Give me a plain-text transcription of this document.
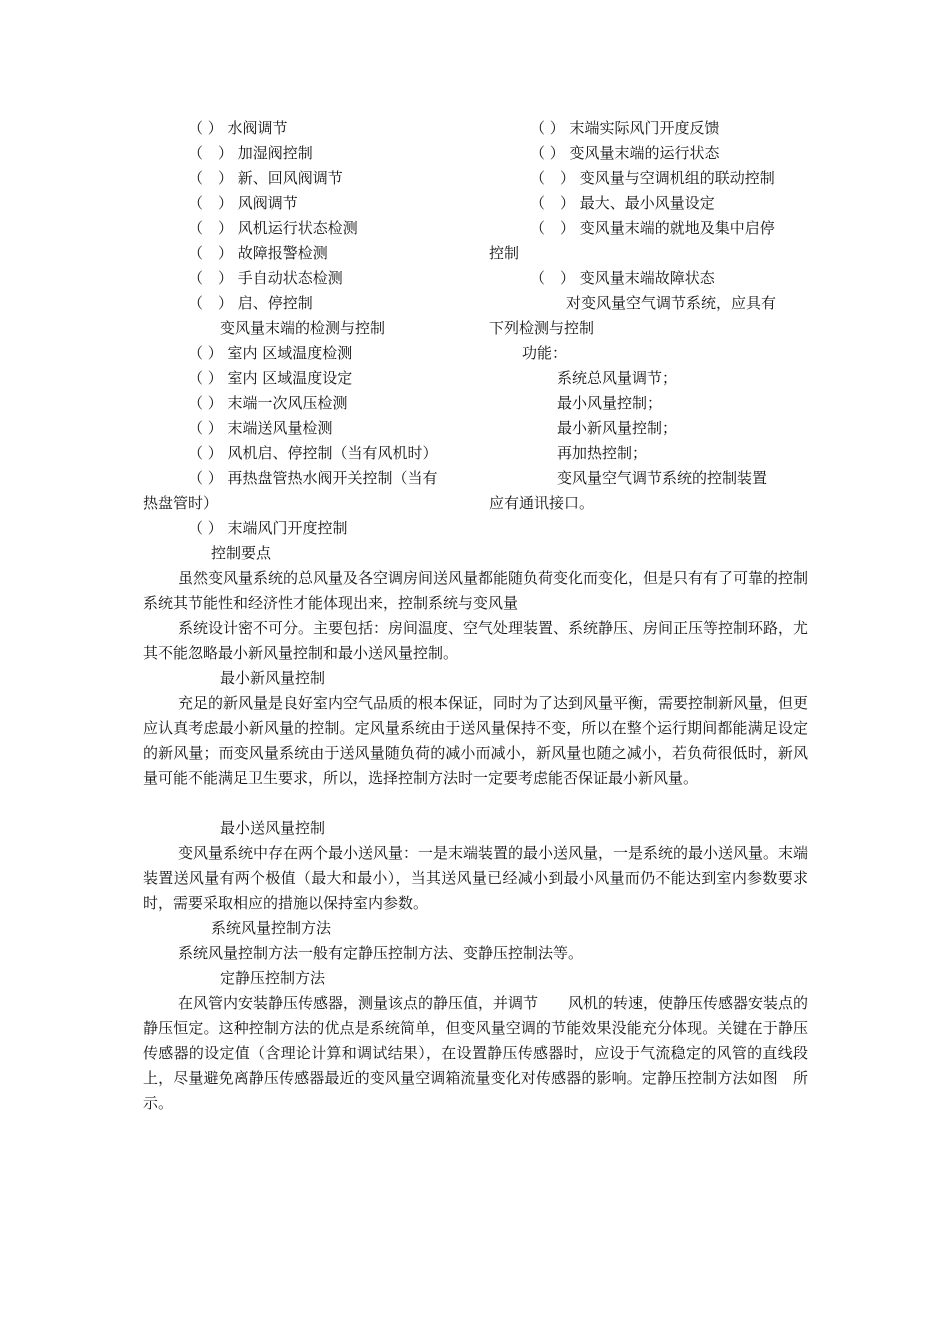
（ ） 水阀调节
（　） 加湿阀控制
（　） 新、回风阀调节
（　） 风阀调节
（　） 风机运行状态检测
（　） 故障报警检测
（　） 手自动状态检测
（　） 启、停控制
变风量末端的检测与控制
（ ） 室内 区域温度检测
（ ） 室内 区域温度设定
（ ） 末端一次风压检测
（ ） 末端送风量检测
（ ） 风机启、停控制（当有风机时）
（ ） 再热盘管热水阀开关控制（当有
热盘管时）
（ ） 末端风门开度控制
（ ） 末端实际风门开度反馈
（ ） 变风量末端的运行状态
（　） 变风量与空调机组的联动控制
（　） 最大、最小风量设定
（　） 变风量末端的就地及集中启停
控制
（　） 变风量末端故障状态
对变风量空气调节系统，应具有
下列检测与控制
功能：
系统总风量调节；
最小风量控制；
最小新风量控制；
再加热控制；
变风量空气调节系统的控制装置
应有通讯接口。
控制要点
虽然变风量系统的总风量及各空调房间送风量都能随负荷变化而变化，但是只有有了可靠的控制系统其节能性和经济性才能体现出来，控制系统与变风量
系统设计密不可分。主要包括：房间温度、空气处理装置、系统静压、房间正压等控制环路，尤其不能忽略最小新风量控制和最小送风量控制。
最小新风量控制
充足的新风量是良好室内空气品质的根本保证，同时为了达到风量平衡，需要控制新风量，但更应认真考虑最小新风量的控制。定风量系统由于送风量保持不变，所以在整个运行期间都能满足设定的新风量；而变风量系统由于送风量随负荷的减小而减小，新风量也随之减小，若负荷很低时，新风量可能不能满足卫生要求，所以，选择控制方法时一定要考虑能否保证最小新风量。
最小送风量控制
变风量系统中存在两个最小送风量：一是末端装置的最小送风量，一是系统的最小送风量。末端装置送风量有两个极值（最大和最小），当其送风量已经减小到最小风量而仍不能达到室内参数要求时，需要采取相应的措施以保持室内参数。
系统风量控制方法
系统风量控制方法一般有定静压控制方法、变静压控制法等。
定静压控制方法
在风管内安装静压传感器，测量该点的静压值，并调节　　风机的转速，使静压传感器安装点的静压恒定。这种控制方法的优点是系统简单，但变风量空调的节能效果没能充分体现。关键在于静压传感器的设定值（含理论计算和调试结果），在设置静压传感器时，应设于气流稳定的风管的直线段上，尽量避免离静压传感器最近的变风量空调箱流量变化对传感器的影响。定静压控制方法如图　所示。
